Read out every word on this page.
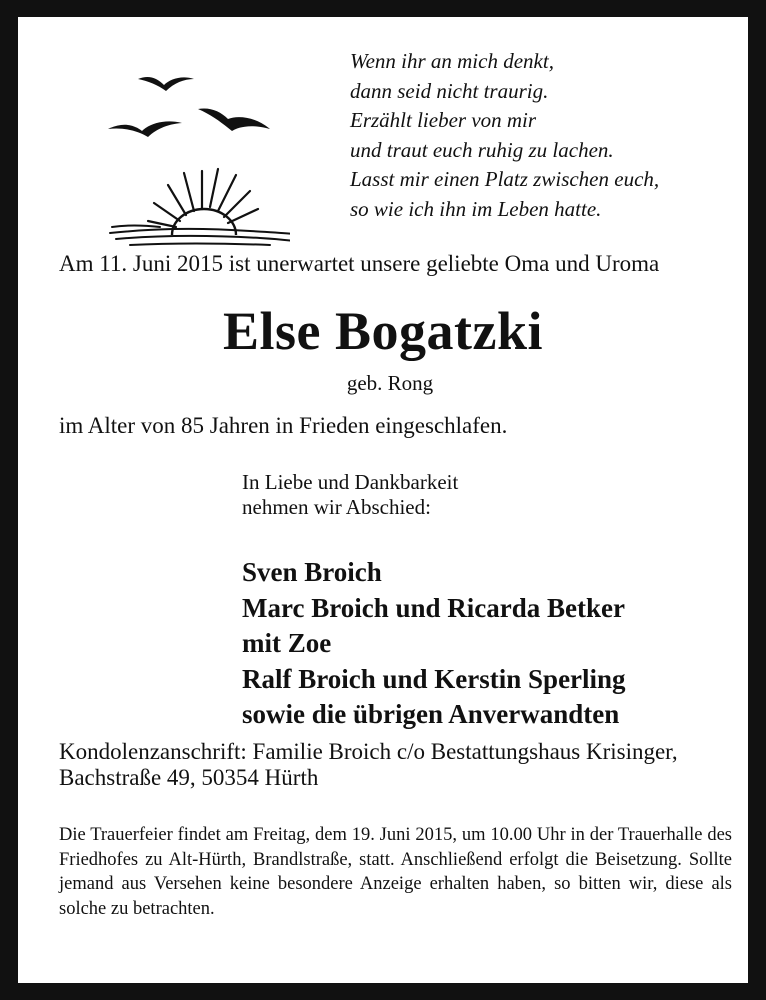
Wenn ihr an mich denkt,
dann seid nicht traurig.
Erzählt lieber von mir
und traut euch ruhig zu lachen.
Lasst mir einen Platz zwischen euch,
so wie ich ihn im Leben hatte.
Am 11. Juni 2015 ist unerwartet unsere geliebte Oma und Uroma
Else Bogatzki
geb. Rong
im Alter von 85 Jahren in Frieden eingeschlafen.
In Liebe und Dankbarkeit
nehmen wir Abschied:
Sven Broich
Marc Broich und Ricarda Betker
mit Zoe
Ralf Broich und Kerstin Sperling
sowie die übrigen Anverwandten
Kondolenzanschrift: Familie Broich c/o Bestattungshaus Krisinger, Bachstraße 49, 50354 Hürth
Die Trauerfeier findet am Freitag, dem 19. Juni 2015, um 10.00 Uhr in der Trauerhalle des Friedhofes zu Alt-Hürth, Brandlstraße, statt. Anschließend erfolgt die Beisetzung. Sollte jemand aus Versehen keine besondere Anzeige erhalten haben, so bitten wir, diese als solche zu betrachten.
